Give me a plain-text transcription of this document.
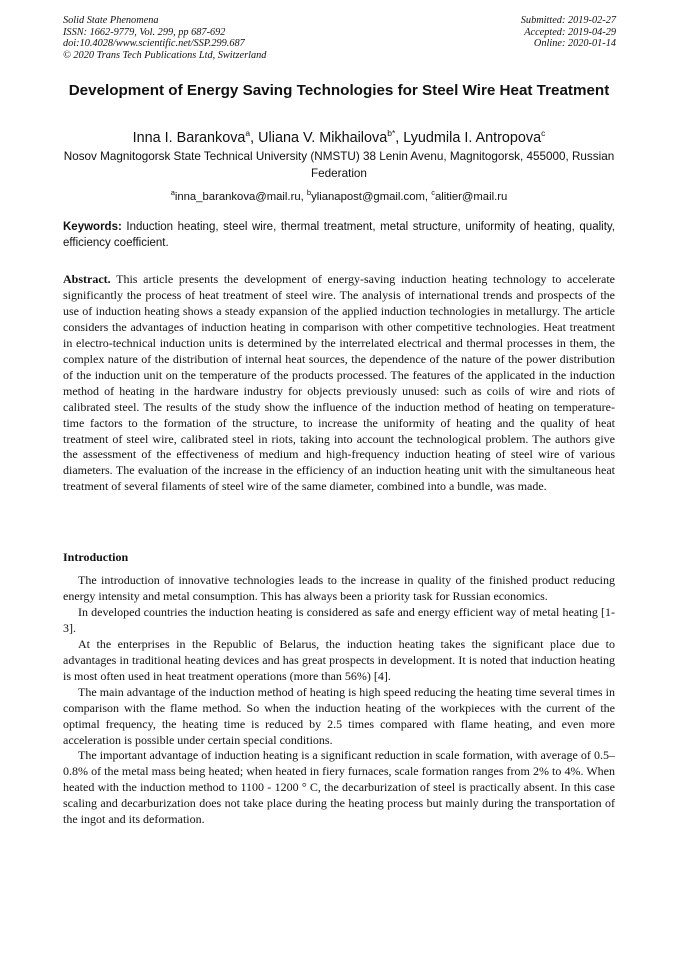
Solid State Phenomena
ISSN: 1662-9779, Vol. 299, pp 687-692
doi:10.4028/www.scientific.net/SSP.299.687
© 2020 Trans Tech Publications Ltd, Switzerland
Submitted: 2019-02-27
Accepted: 2019-04-29
Online: 2020-01-14
Development of Energy Saving Technologies for Steel Wire Heat Treatment
Inna I. Barankova$^a$, Uliana V. Mikhailova$^{b*}$, Lyudmila I. Antropova$^c$
Nosov Magnitogorsk State Technical University (NMSTU) 38 Lenin Avenu, Magnitogorsk, 455000, Russian Federation
$^a$inna_barankova@mail.ru, $^b$ylianapost@gmail.com, $^c$alitier@mail.ru
Keywords: Induction heating, steel wire, thermal treatment, metal structure, uniformity of heating, quality, efficiency coefficient.
Abstract. This article presents the development of energy-saving induction heating technology to accelerate significantly the process of heat treatment of steel wire. The analysis of international trends and prospects of the use of induction heating shows a steady expansion of the applied induction technologies in metallurgy. The article considers the advantages of induction heating in comparison with other competitive technologies. Heat treatment in electro-technical induction units is determined by the interrelated electrical and thermal processes in them, the complex nature of the distribution of internal heat sources, the dependence of the nature of the power distribution of the induction unit on the temperature of the products processed. The features of the applicated in the induction method of heating in the hardware industry for objects previously unused: such as coils of wire and riots of calibrated steel. The results of the study show the influence of the induction method of heating on temperature-time factors to the formation of the structure, to increase the uniformity of heating and the quality of heat treatment of steel wire, calibrated steel in riots, taking into account the technological problem. The authors give the assessment of the effectiveness of medium and high-frequency induction heating of steel wire of various diameters. The evaluation of the increase in the efficiency of an induction heating unit with the simultaneous heat treatment of several filaments of steel wire of the same diameter, combined into a bundle, was made.
Introduction

The introduction of innovative technologies leads to the increase in quality of the finished product reducing energy intensity and metal consumption. This has always been a priority task for Russian economics.

In developed countries the induction heating is considered as safe and energy efficient way of metal heating [1-3].

At the enterprises in the Republic of Belarus, the induction heating takes the significant place due to advantages in traditional heating devices and has great prospects in development. It is noted that induction heating is most often used in heat treatment operations (more than 56%) [4].

The main advantage of the induction method of heating is high speed reducing the heating time several times in comparison with the flame method. So when the induction heating of the workpieces with the current of the optimal frequency, the heating time is reduced by 2.5 times compared with flame heating, and even more acceleration is possible under certain special conditions.

The important advantage of induction heating is a significant reduction in scale formation, with average of 0.5–0.8% of the metal mass being heated; when heated in fiery furnaces, scale formation ranges from 2% to 4%. When heated with the induction method to 1100 - 1200 ° C, the decarburization of steel is practically absent. In this case scaling and decarburization does not take place during the heating process but mainly during the transportation of the ingot and its deformation.
